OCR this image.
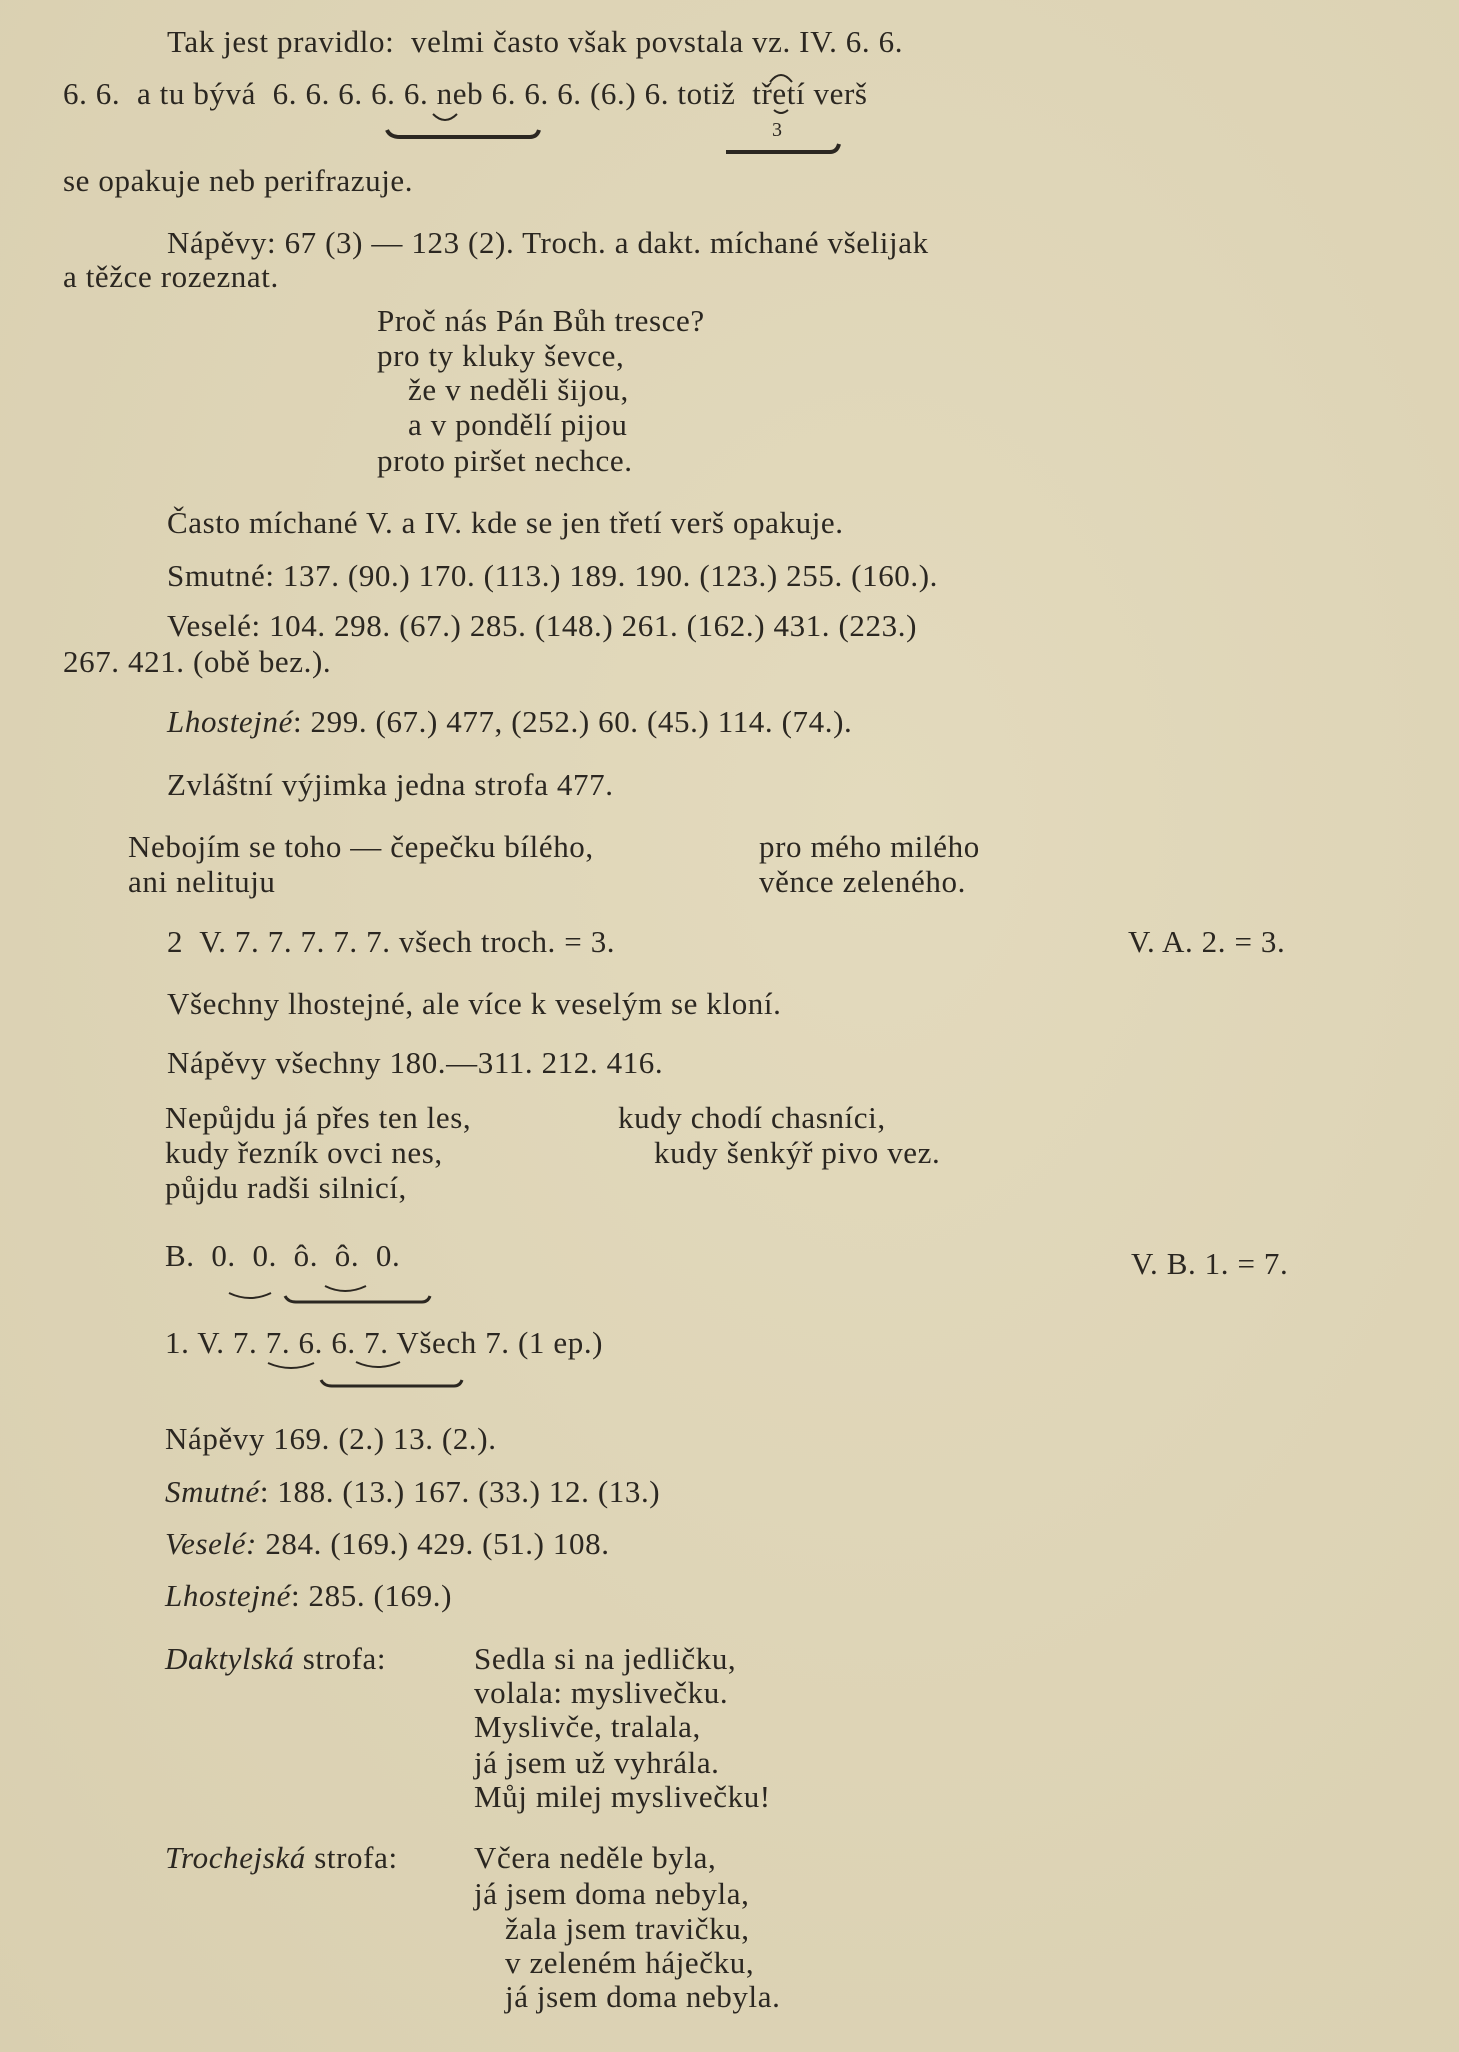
Tak jest pravidlo:  velmi často však povstala vz. IV. 6. 6.
6. 6.  a tu bývá  6. 6. 6. 6. 6. neb 6. 6. 6. (6.) 6. totiž  třetí verš
3
se opakuje neb perifrazuje.
Nápěvy: 67 (3) — 123 (2). Troch. a dakt. míchané všelijak
a těžce rozeznat.
Proč nás Pán Bůh tresce?
pro ty kluky ševce,
že v neděli šijou,
a v pondělí pijou
proto piršet nechce.
Často míchané V. a IV. kde se jen třetí verš opakuje.
Smutné: 137. (90.) 170. (113.) 189. 190. (123.) 255. (160.).
Veselé: 104. 298. (67.) 285. (148.) 261. (162.) 431. (223.)
267. 421. (obě bez.).
Lhostejné: 299. (67.) 477, (252.) 60. (45.) 114. (74.).
Zvláštní výjimka jedna strofa 477.
Nebojím se toho — čepečku bílého,
ani nelituju
pro mého milého
věnce zeleného.
2  V. 7. 7. 7. 7. 7. všech troch. = 3.	V. A. 2. = 3.
Všechny lhostejné, ale více k veselým se kloní.
Nápěvy všechny 180.—311. 212. 416.
Nepůjdu já přes ten les,
kudy řezník ovci nes,
půjdu radši silnicí,
kudy chodí chasníci,
kudy šenkýř pivo vez.
B.  0.  0.  ô.  ô.  0.	V. B. 1. = 7.
1. V. 7. 7. 6. 6. 7. Všech 7. (1 ep.)
Nápěvy 169. (2.) 13. (2.).
Smutné: 188. (13.) 167. (33.) 12. (13.)
Veselé: 284. (169.) 429. (51.) 108.
Lhostejné: 285. (169.)
Daktylská strofa:	Sedla si na jedličku,
volala: myslivečku.
Myslivče, tralala,
já jsem už vyhrála.
Můj milej myslivečku!
Trochejská strofa: Včera neděle byla,
já jsem doma nebyla,
žala jsem travičku,
v zeleném háječku,
já jsem doma nebyla.
